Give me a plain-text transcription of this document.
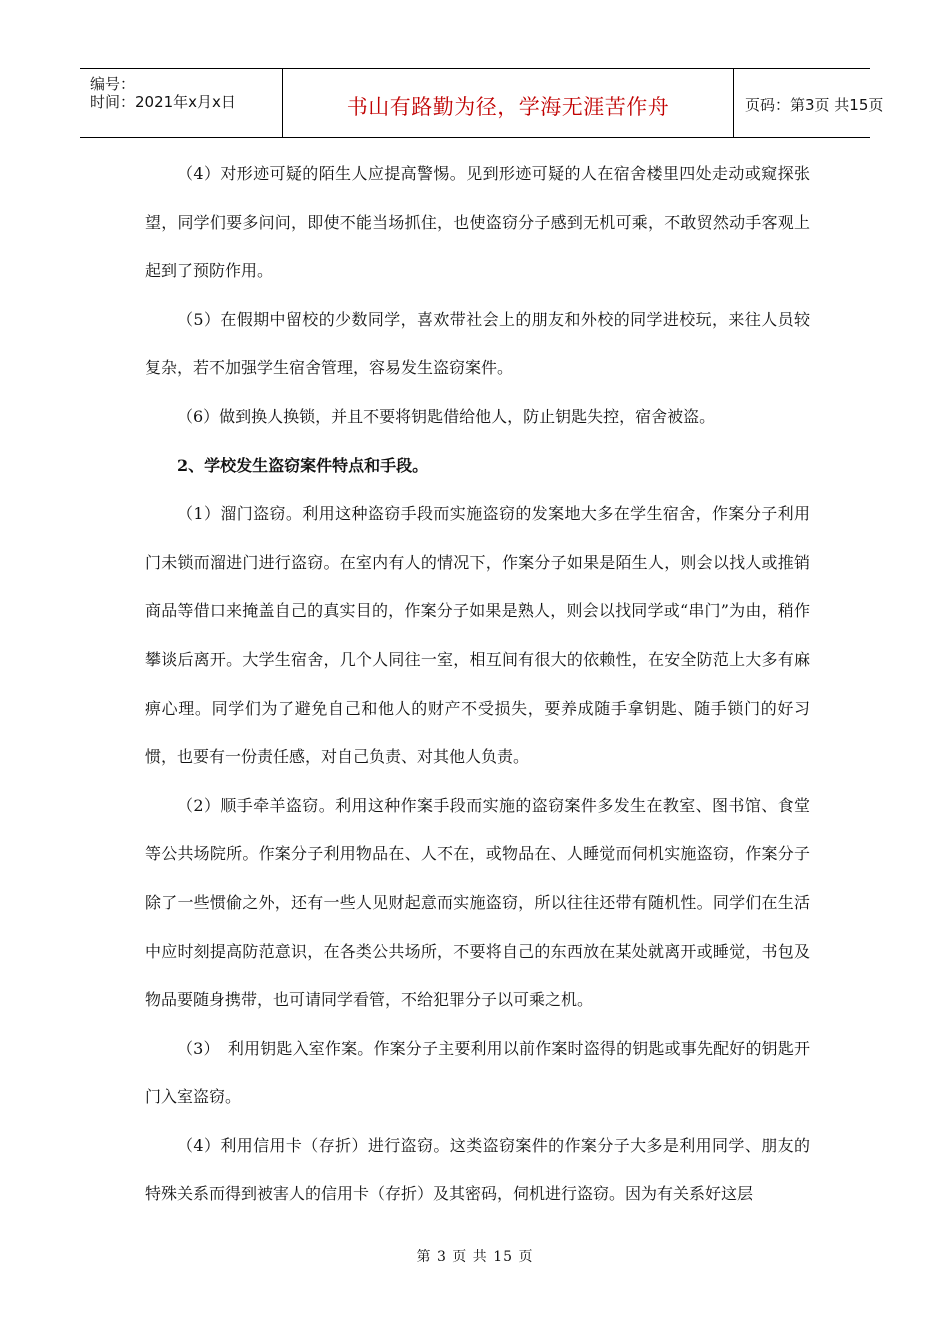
编号：
时间：2021年x月x日	书山有路勤为径，学海无涯苦作舟	页码：第3页 共15页

（4）对形迹可疑的陌生人应提高警惕。见到形迹可疑的人在宿舍楼里四处走动或窥探张望，同学们要多问问，即使不能当场抓住，也使盗窃分子感到无机可乘，不敢贸然动手客观上起到了预防作用。

（5）在假期中留校的少数同学，喜欢带社会上的朋友和外校的同学进校玩，来往人员较复杂，若不加强学生宿舍管理，容易发生盗窃案件。

（6）做到换人换锁，并且不要将钥匙借给他人，防止钥匙失控，宿舍被盗。

2、学校发生盗窃案件特点和手段。

（1）溜门盗窃。利用这种盗窃手段而实施盗窃的发案地大多在学生宿舍，作案分子利用门未锁而溜进门进行盗窃。在室内有人的情况下，作案分子如果是陌生人，则会以找人或推销商品等借口来掩盖自己的真实目的，作案分子如果是熟人，则会以找同学或“串门”为由，稍作攀谈后离开。大学生宿舍，几个人同往一室，相互间有很大的依赖性，在安全防范上大多有麻痹心理。同学们为了避免自己和他人的财产不受损失，要养成随手拿钥匙、随手锁门的好习惯，也要有一份责任感，对自己负责、对其他人负责。

（2）顺手牵羊盗窃。利用这种作案手段而实施的盗窃案件多发生在教室、图书馆、食堂等公共场院所。作案分子利用物品在、人不在，或物品在、人睡觉而伺机实施盗窃，作案分子除了一些惯偷之外，还有一些人见财起意而实施盗窃，所以往往还带有随机性。同学们在生活中应时刻提高防范意识，在各类公共场所，不要将自己的东西放在某处就离开或睡觉，书包及物品要随身携带，也可请同学看管，不给犯罪分子以可乘之机。

（3）　利用钥匙入室作案。作案分子主要利用以前作案时盗得的钥匙或事先配好的钥匙开门入室盗窃。

（4）利用信用卡（存折）进行盗窃。这类盗窃案件的作案分子大多是利用同学、朋友的特殊关系而得到被害人的信用卡（存折）及其密码，伺机进行盗窃。因为有关系好这层

第 3 页 共 15 页
